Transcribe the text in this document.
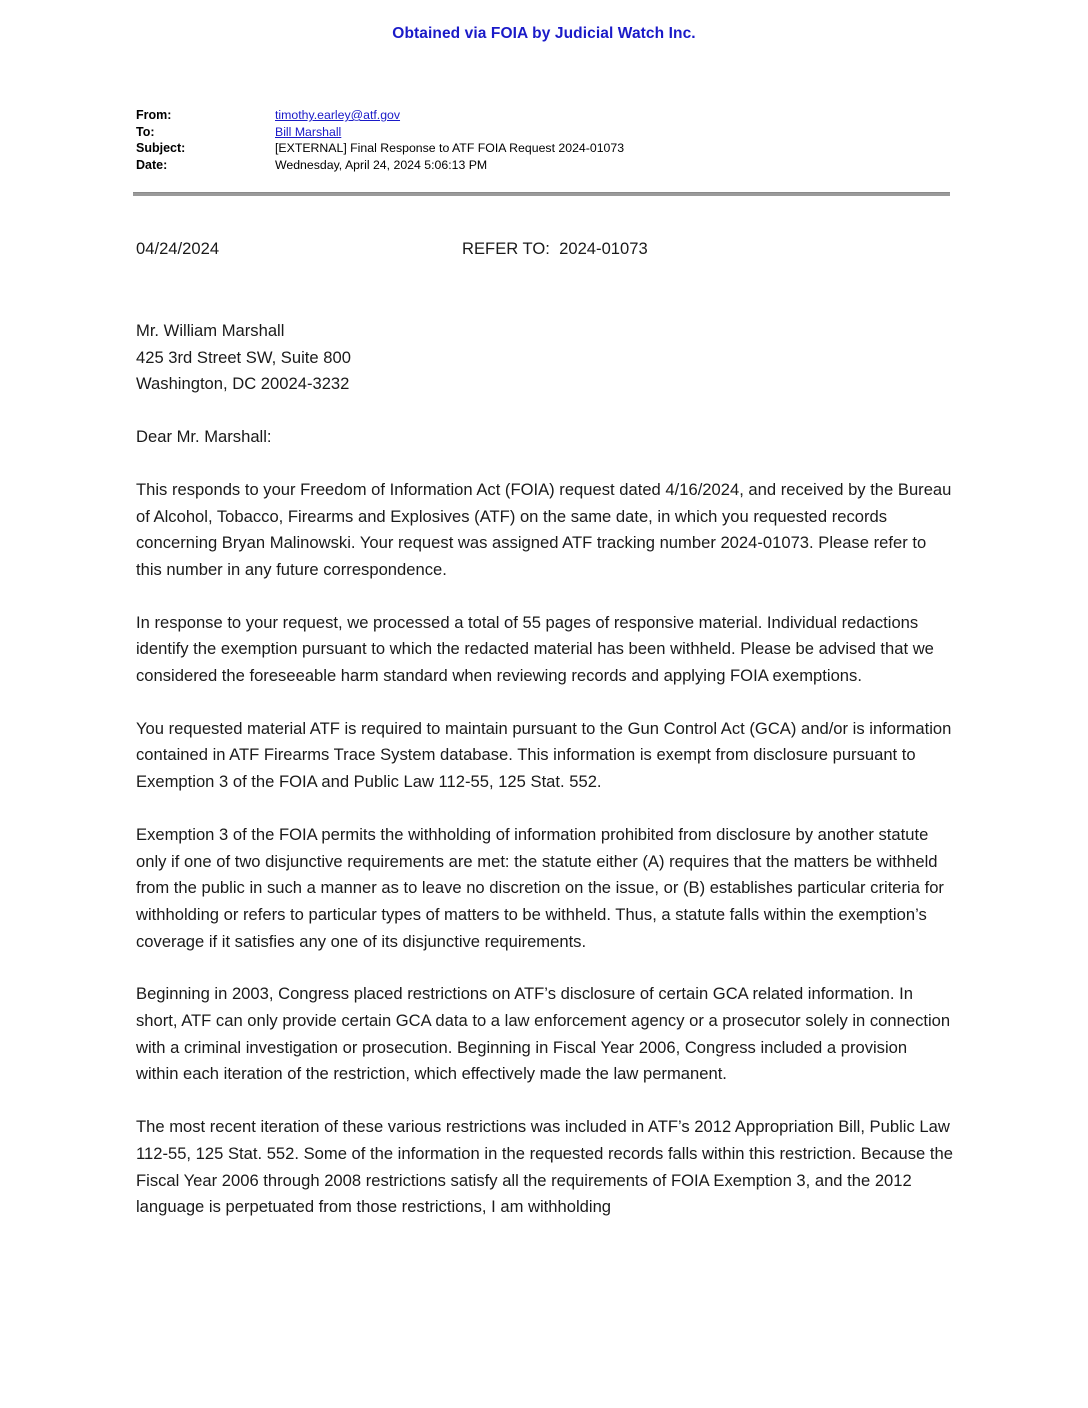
Obtained via FOIA by Judicial Watch Inc.
From:	timothy.earley@atf.gov
To:	Bill Marshall
Subject:	[EXTERNAL] Final Response to ATF FOIA Request 2024-01073
Date:	Wednesday, April 24, 2024 5:06:13 PM
04/24/2024	REFER TO:  2024-01073
Mr. William Marshall
425 3rd Street SW, Suite 800
Washington, DC 20024-3232
Dear Mr. Marshall:

This responds to your Freedom of Information Act (FOIA) request dated 4/16/2024, and received by the Bureau of Alcohol, Tobacco, Firearms and Explosives (ATF) on the same date, in which you requested records concerning Bryan Malinowski. Your request was assigned ATF tracking number 2024-01073. Please refer to this number in any future correspondence.

In response to your request, we processed a total of 55 pages of responsive material. Individual redactions identify the exemption pursuant to which the redacted material has been withheld. Please be advised that we considered the foreseeable harm standard when reviewing records and applying FOIA exemptions.

You requested material ATF is required to maintain pursuant to the Gun Control Act (GCA) and/or is information contained in ATF Firearms Trace System database. This information is exempt from disclosure pursuant to Exemption 3 of the FOIA and Public Law 112-55, 125 Stat. 552.

Exemption 3 of the FOIA permits the withholding of information prohibited from disclosure by another statute only if one of two disjunctive requirements are met: the statute either (A) requires that the matters be withheld from the public in such a manner as to leave no discretion on the issue, or (B) establishes particular criteria for withholding or refers to particular types of matters to be withheld. Thus, a statute falls within the exemption’s coverage if it satisfies any one of its disjunctive requirements.

Beginning in 2003, Congress placed restrictions on ATF’s disclosure of certain GCA related information. In short, ATF can only provide certain GCA data to a law enforcement agency or a prosecutor solely in connection with a criminal investigation or prosecution. Beginning in Fiscal Year 2006, Congress included a provision within each iteration of the restriction, which effectively made the law permanent.

The most recent iteration of these various restrictions was included in ATF’s 2012 Appropriation Bill, Public Law 112-55, 125 Stat. 552. Some of the information in the requested records falls within this restriction. Because the Fiscal Year 2006 through 2008 restrictions satisfy all the requirements of FOIA Exemption 3, and the 2012 language is perpetuated from those restrictions, I am withholding
